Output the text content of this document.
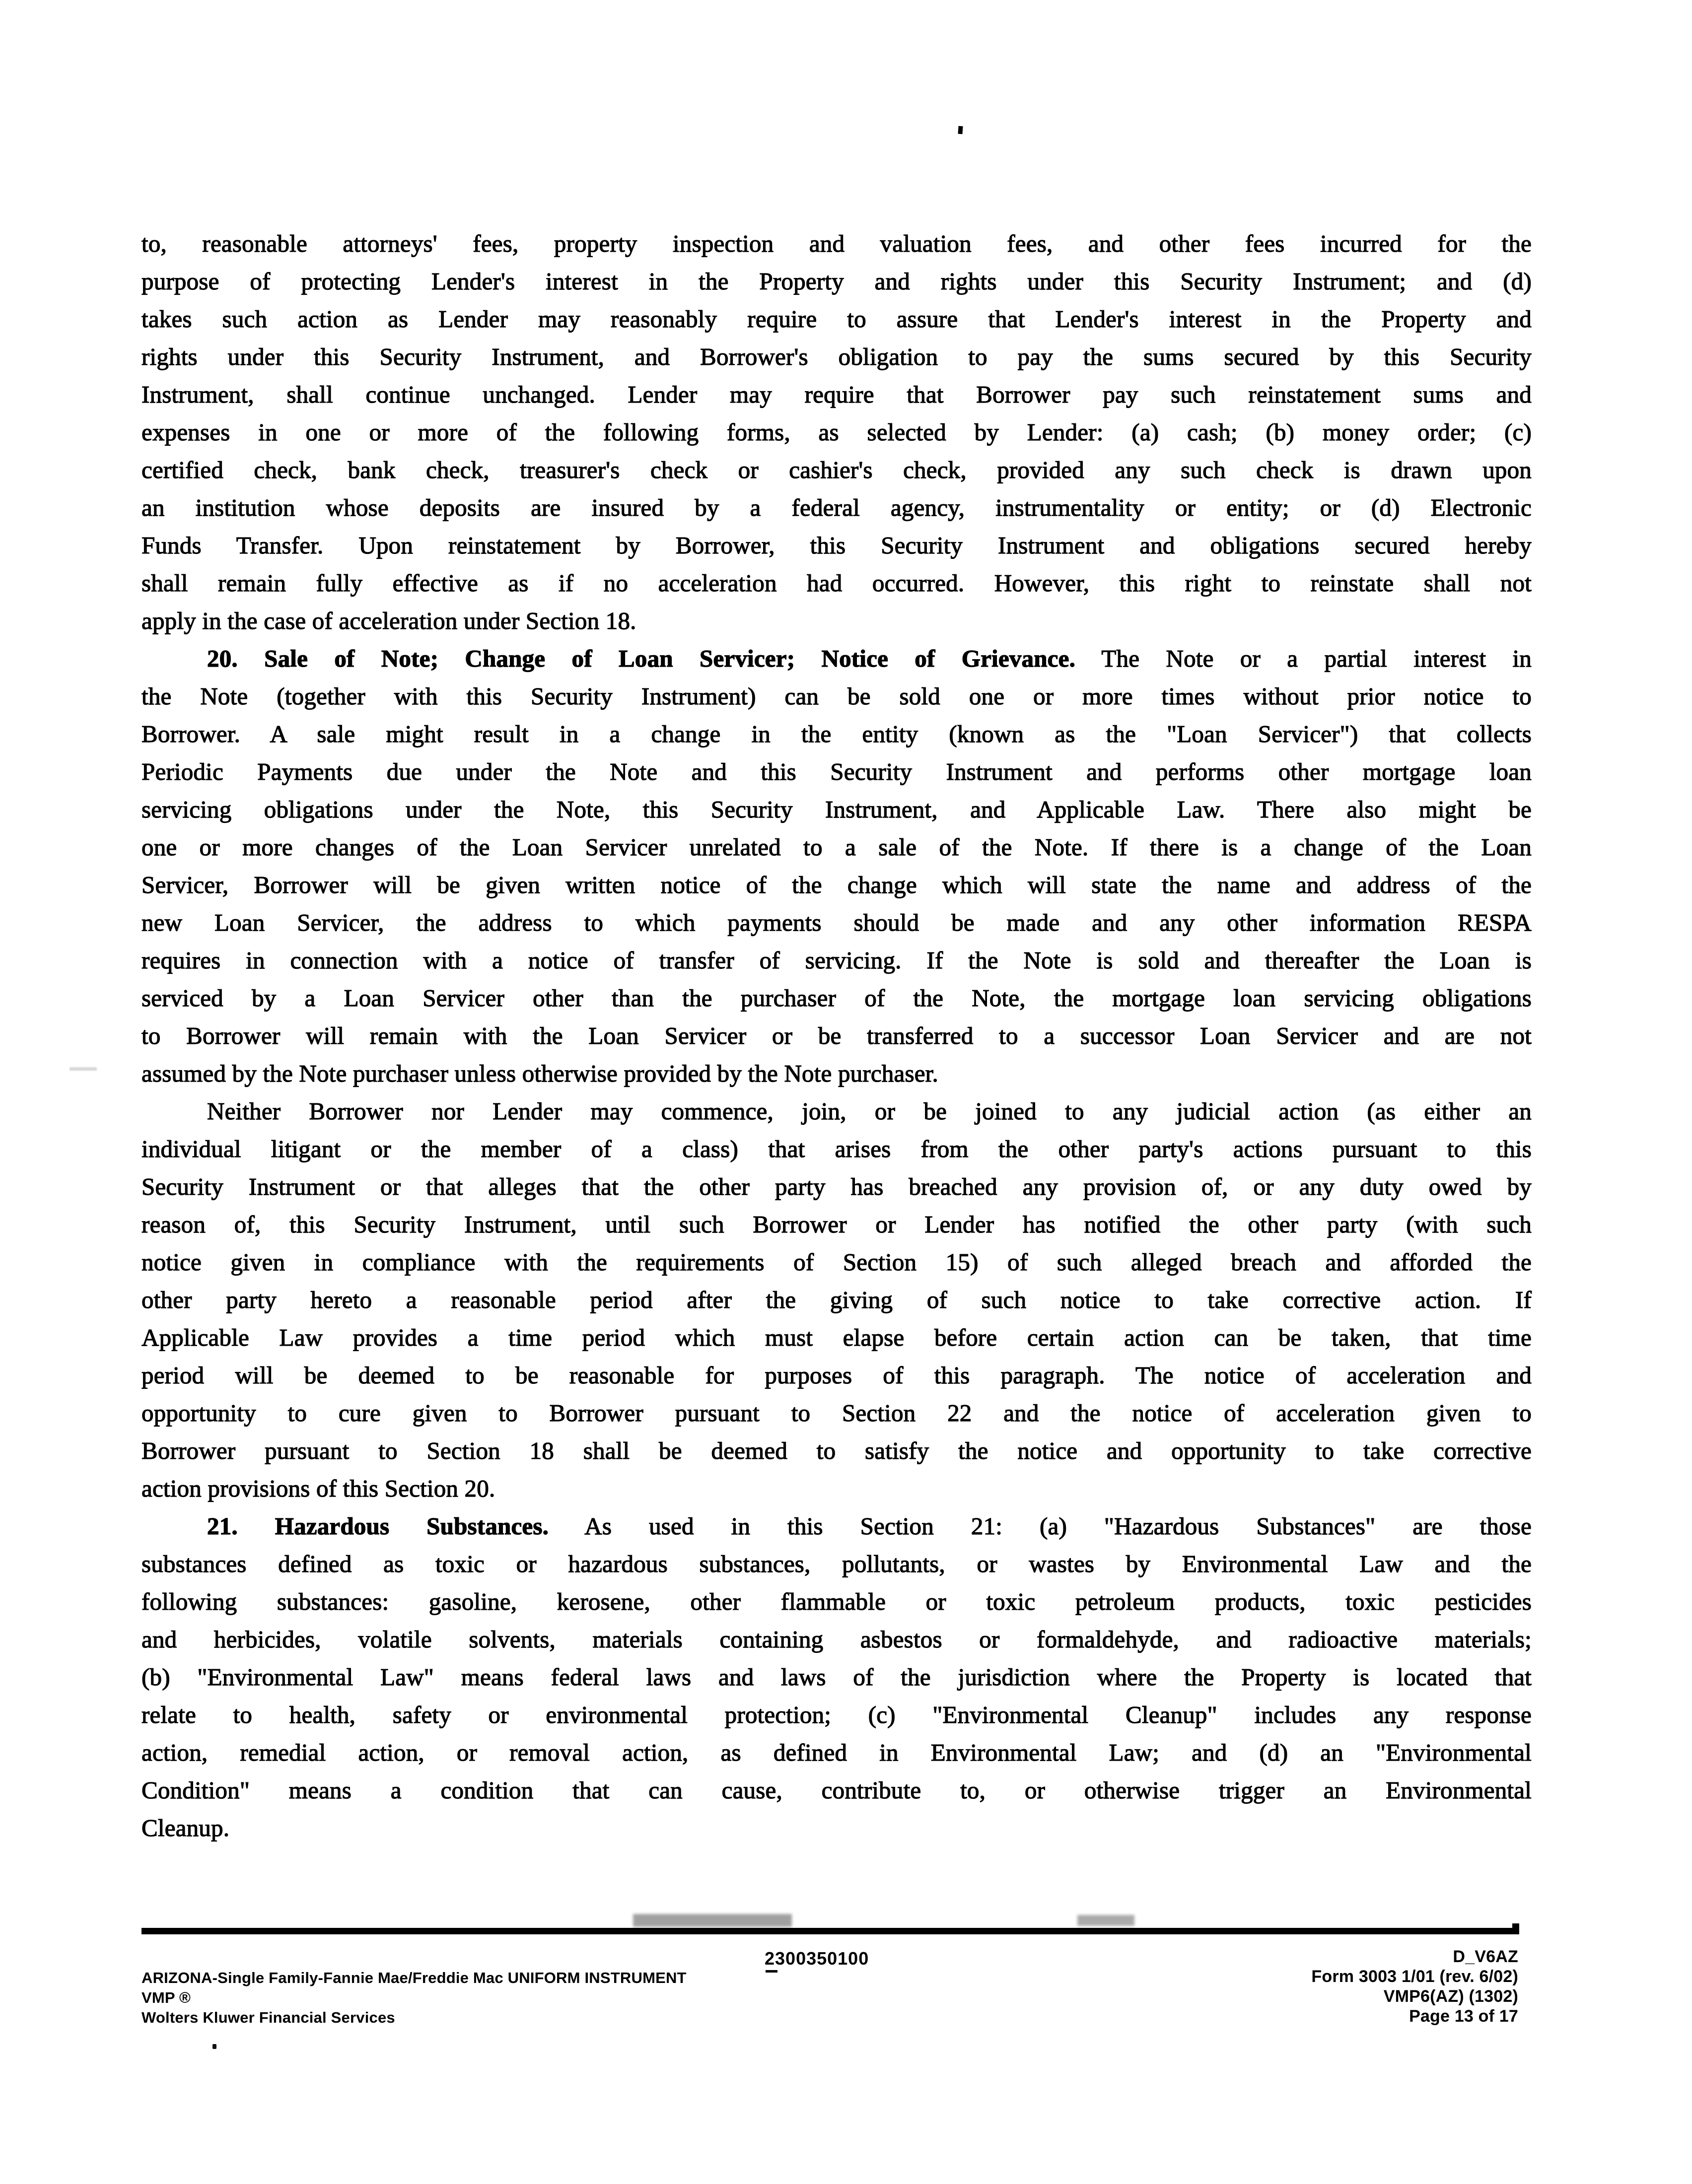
to, reasonable attorneys' fees, property inspection and valuation fees, and other fees incurred for the
purpose of protecting Lender's interest in the Property and rights under this Security Instrument; and (d)
takes such action as Lender may reasonably require to assure that Lender's interest in the Property and
rights under this Security Instrument, and Borrower's obligation to pay the sums secured by this Security
Instrument, shall continue unchanged. Lender may require that Borrower pay such reinstatement sums and
expenses in one or more of the following forms, as selected by Lender: (a) cash; (b) money order; (c)
certified check, bank check, treasurer's check or cashier's check, provided any such check is drawn upon
an institution whose deposits are insured by a federal agency, instrumentality or entity; or (d) Electronic
Funds Transfer. Upon reinstatement by Borrower, this Security Instrument and obligations secured hereby
shall remain fully effective as if no acceleration had occurred. However, this right to reinstate shall not
apply in the case of acceleration under Section 18.
20. Sale of Note; Change of Loan Servicer; Notice of Grievance. The Note or a partial interest in
the Note (together with this Security Instrument) can be sold one or more times without prior notice to
Borrower. A sale might result in a change in the entity (known as the "Loan Servicer") that collects
Periodic Payments due under the Note and this Security Instrument and performs other mortgage loan
servicing obligations under the Note, this Security Instrument, and Applicable Law. There also might be
one or more changes of the Loan Servicer unrelated to a sale of the Note. If there is a change of the Loan
Servicer, Borrower will be given written notice of the change which will state the name and address of the
new Loan Servicer, the address to which payments should be made and any other information RESPA
requires in connection with a notice of transfer of servicing. If the Note is sold and thereafter the Loan is
serviced by a Loan Servicer other than the purchaser of the Note, the mortgage loan servicing obligations
to Borrower will remain with the Loan Servicer or be transferred to a successor Loan Servicer and are not
assumed by the Note purchaser unless otherwise provided by the Note purchaser.
Neither Borrower nor Lender may commence, join, or be joined to any judicial action (as either an
individual litigant or the member of a class) that arises from the other party's actions pursuant to this
Security Instrument or that alleges that the other party has breached any provision of, or any duty owed by
reason of, this Security Instrument, until such Borrower or Lender has notified the other party (with such
notice given in compliance with the requirements of Section 15) of such alleged breach and afforded the
other party hereto a reasonable period after the giving of such notice to take corrective action. If
Applicable Law provides a time period which must elapse before certain action can be taken, that time
period will be deemed to be reasonable for purposes of this paragraph. The notice of acceleration and
opportunity to cure given to Borrower pursuant to Section 22 and the notice of acceleration given to
Borrower pursuant to Section 18 shall be deemed to satisfy the notice and opportunity to take corrective
action provisions of this Section 20.
21. Hazardous Substances. As used in this Section 21: (a) "Hazardous Substances" are those
substances defined as toxic or hazardous substances, pollutants, or wastes by Environmental Law and the
following substances: gasoline, kerosene, other flammable or toxic petroleum products, toxic pesticides
and herbicides, volatile solvents, materials containing asbestos or formaldehyde, and radioactive materials;
(b) "Environmental Law" means federal laws and laws of the jurisdiction where the Property is located that
relate to health, safety or environmental protection; (c) "Environmental Cleanup" includes any response
action, remedial action, or removal action, as defined in Environmental Law; and (d) an "Environmental
Condition" means a condition that can cause, contribute to, or otherwise trigger an Environmental
Cleanup.
2300350100
ARIZONA-Single Family-Fannie Mae/Freddie Mac UNIFORM INSTRUMENT
VMP ®
Wolters Kluwer Financial Services
D_V6AZ
Form 3003 1/01 (rev. 6/02)
VMP6(AZ) (1302)
Page 13 of 17
